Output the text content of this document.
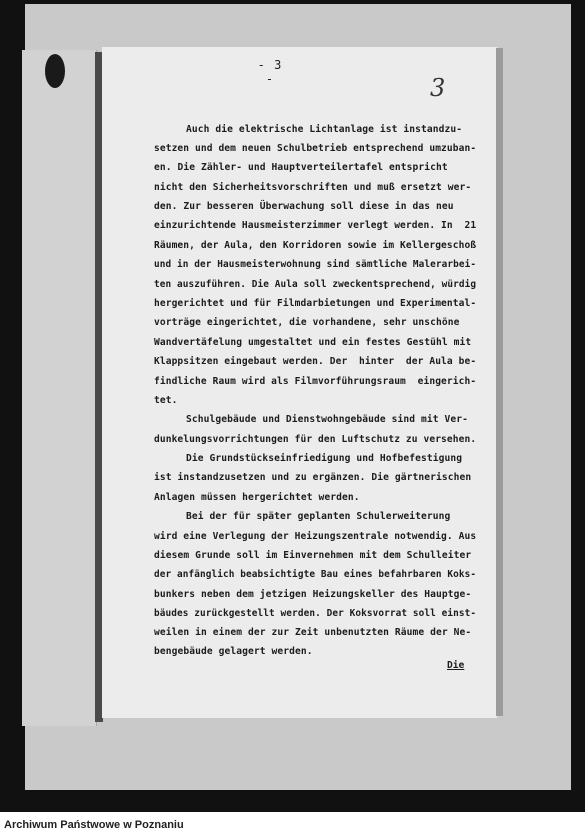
- 3 -	3
Auch die elektrische Lichtanlage ist instandzu-
setzen und dem neuen Schulbetrieb entsprechend umzuban-
en. Die Zähler- und Hauptverteilertafel entspricht
nicht den Sicherheitsvorschriften und muß ersetzt wer-
den. Zur besseren Überwachung soll diese in das neu
einzurichtende Hausmeisterzimmer verlegt werden. In  21
Räumen, der Aula, den Korridoren sowie im Kellergeschoß
und in der Hausmeisterwohnung sind sämtliche Malerarbei-
ten auszuführen. Die Aula soll zweckentsprechend, würdig
hergerichtet und für Filmdarbietungen und Experimental-
vorträge eingerichtet, die vorhandene, sehr unschöne
Wandvertäfelung umgestaltet und ein festes Gestühl mit
Klappsitzen eingebaut werden. Der  hinter  der Aula be-
findliche Raum wird als Filmvorführungsraum  eingerich-
tet.
Schulgebäude und Dienstwohngebäude sind mit Ver-
dunkelungsvorrichtungen für den Luftschutz zu versehen.
Die Grundstückseinfriedigung und Hofbefestigung
ist instandzusetzen und zu ergänzen. Die gärtnerischen
Anlagen müssen hergerichtet werden.
Bei der für später geplanten Schulerweiterung
wird eine Verlegung der Heizungszentrale notwendig. Aus
diesem Grunde soll im Einvernehmen mit dem Schulleiter
der anfänglich beabsichtigte Bau eines befahrbaren Koks-
bunkers neben dem jetzigen Heizungskeller des Hauptge-
bäudes zurückgestellt werden. Der Koksvorrat soll einst-
weilen in einem der zur Zeit unbenutzten Räume der Ne-
bengebäude gelagert werden.
Die
Archiwum Państwowe w Poznaniu
